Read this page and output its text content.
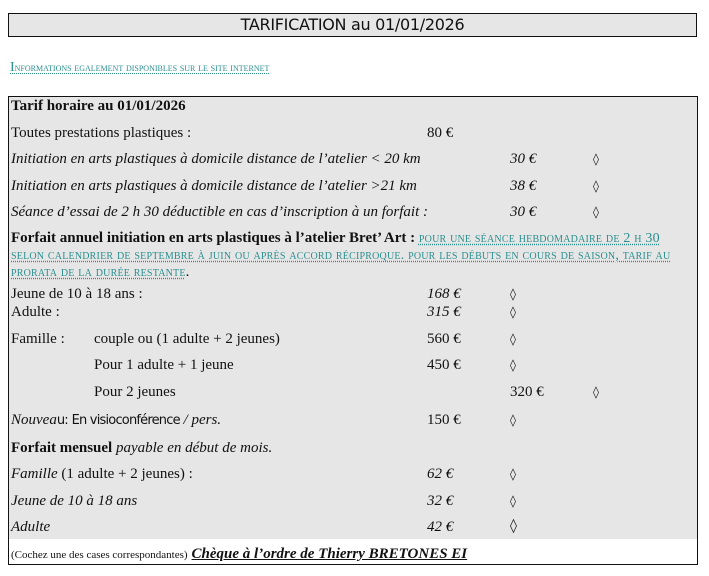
TARIFICATION au 01/01/2026
Informations egalement disponibles sur le site internet
Tarif horaire au 01/01/2026
Toutes prestations plastiques :	80 €
Initiation en arts plastiques à domicile distance de l’atelier < 20 km	30 €	◊
Initiation en arts plastiques à domicile distance de l’atelier >21 km	38 €	◊
Séance d’essai de 2 h 30 déductible en cas d’inscription à un forfait :	30 €	◊
Forfait annuel initiation en arts plastiques à l’atelier Bret’ Art : pour une séance hebdomadaire de 2 h 30 selon calendrier de septembre à juin ou après accord réciproque. pour les débuts en cours de saison, tarif au prorata de la durée restante.
Jeune de 10 à 18 ans :	168 €	◊
Adulte :	315 €	◊
Famille : couple ou (1 adulte + 2 jeunes)	560 €	◊
Pour 1 adulte + 1 jeune	450 €	◊
Pour 2 jeunes	320 €	◊
Nouveau: En visioconférence / pers.	150 €	◊
Forfait mensuel payable en début de mois.
Famille (1 adulte + 2 jeunes) :	62 €	◊
Jeune de 10 à 18 ans	32 €	◊
Adulte	42 €	◊
(Cochez une des cases correspondantes) Chèque à l’ordre de Thierry BRETONES EI
